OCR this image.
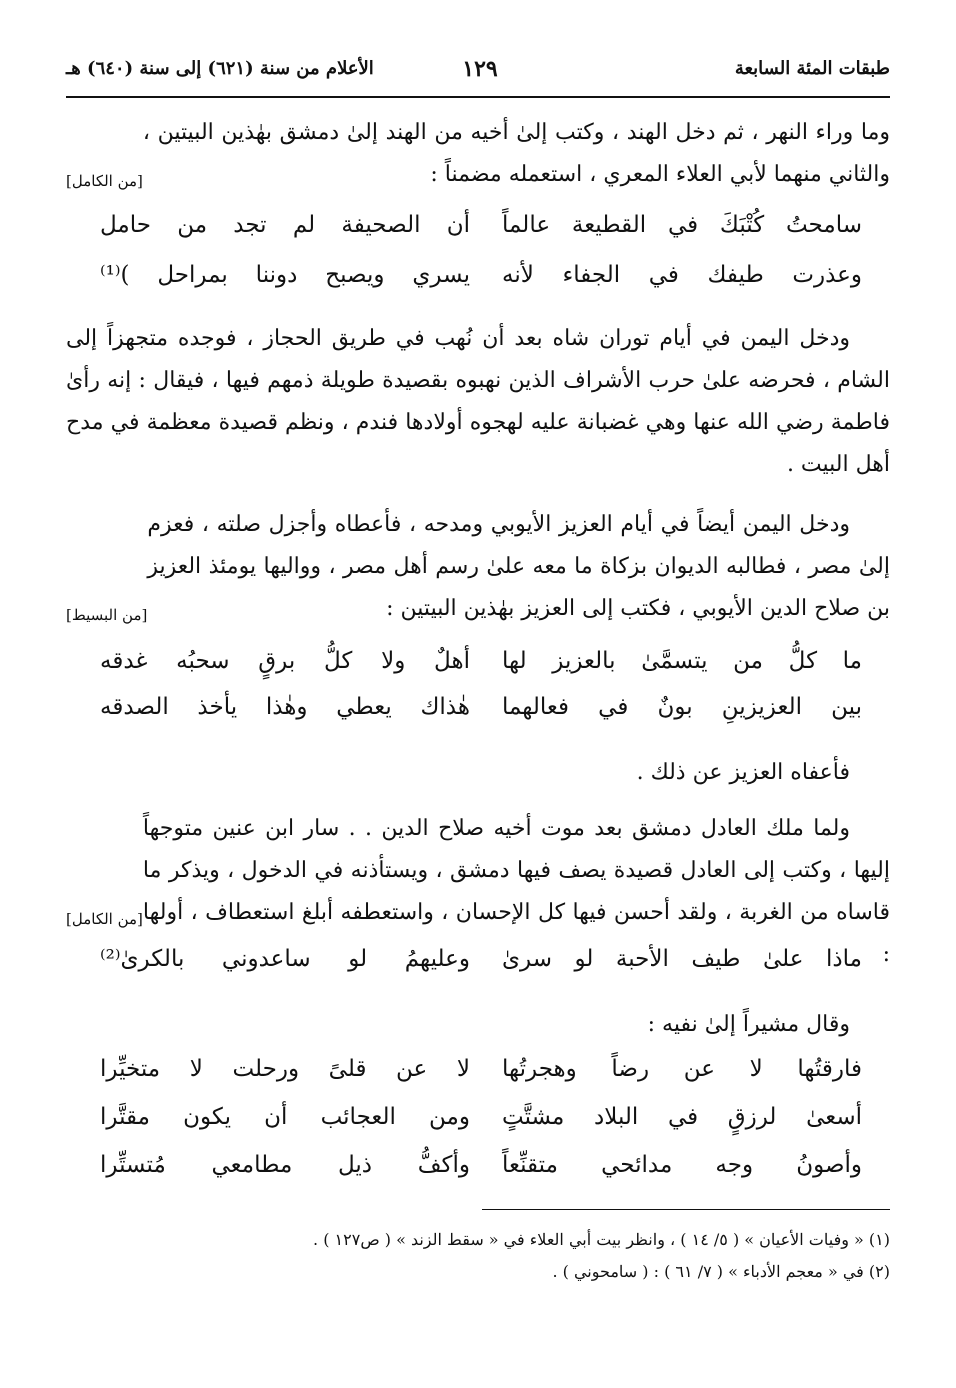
طبقات المئة السابعة
١٢٩
الأعلام من سنة (٦٢١) إلى سنة (٦٤٠) هـ
[من الكامل]
وما وراء النهر ، ثم دخل الهند ، وكتب إلىٰ أخيه من الهند إلىٰ دمشق بهٰذين البيتين ، والثاني منهما لأبي العلاء المعري ، استعمله مضمناً :
سامحتُ كُتْبَكَ في القطيعة عالماً
أن الصحيفة لم تجد من حامل
وعذرت طيفك في الجفاء لأنه
يسري ويصبح دوننا بمراحل )⁽¹⁾
ودخل اليمن في أيام توران شاه بعد أن نُهب في طريق الحجاز ، فوجده متجهزاً إلى الشام ، فحرضه علىٰ حرب الأشراف الذين نهبوه بقصيدة طويلة ذمهم فيها ، فيقال : إنه رأىٰ فاطمة رضي الله عنها وهي غضبانة عليه لهجوه أولادها فندم ، ونظم قصيدة معظمة في مدح أهل البيت .
[من البسيط]
ودخل اليمن أيضاً في أيام العزيز الأيوبي ومدحه ، فأعطاه وأجزل صلته ، فعزم إلىٰ مصر ، فطالبه الديوان بزكاة ما معه علىٰ رسم أهل مصر ، وواليها يومئذ العزيز بن صلاح الدين الأيوبي ، فكتب إلى العزيز بهٰذين البيتين :
ما كلُّ من يتسمَّىٰ بالعزيز لها
أهلٌ ولا كلُّ برقٍ سحبُه غدقه
بين العزيزينِ بونٌ في فعالهما
هٰذاك يعطي وهٰذا يأخذ الصدقه
فأعفاه العزيز عن ذلك .
[من الكامل]
ولما ملك العادل دمشق بعد موت أخيه صلاح الدين . . سار ابن عنين متوجهاً إليها ، وكتب إلى العادل قصيدة يصف فيها دمشق ، ويستأذنه في الدخول ، ويذكر ما قاساه من الغربة ، ولقد أحسن فيها كل الإحسان ، واستعطفه أبلغ استعطاف ، أولها :
ماذا علىٰ طيف الأحبة لو سرىٰ
وعليهمُ لو ساعدوني بالكرىٰ⁽²⁾
وقال مشيراً إلىٰ نفيه :
فارقتُها لا عن رضاً وهجرتُها
لا عن قلىً ورحلت لا متخيِّرا
أسعىٰ لرزقٍ في البلاد مشتَّتٍ
ومن العجائب أن يكون مقتَّرا
وأصونُ وجه مدائحي متقنِّعاً
وأكفُّ ذيل مطامعي مُتستِّرا
(١) « وفيات الأعيان » ( ٥/ ١٤ ) ، وانظر بيت أبي العلاء في « سقط الزند » ( ص١٢٧ ) .
(٢) في « معجم الأدباء » ( ٧/ ٦١ ) : ( سامحوني ) .
